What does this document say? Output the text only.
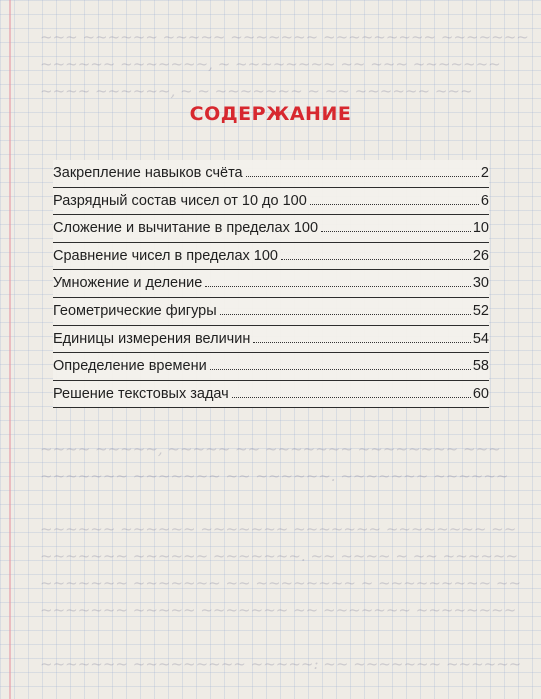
~~~ ~~~~~~ ~~~~~ ~~~~~~~ ~~~~~~~~~ ~~~~~~~
~~~~~~ ~~~~~~~, ~ ~~~~~~~~ ~~ ~~~ ~~~~~~~
~~~~ ~~~~~~, ~ ~ ~~~~~~~ ~ ~~ ~~~~~~ ~~~
~~~~ ~~~~~, ~~~~~ ~~ ~~~~~~~ ~~~~~~~~ ~~~
~~~~~~~ ~~~~~~~ ~~ ~~~~~~. ~~~~~~~ ~~~~~~
~~~~~~ ~~~~~~ ~~~~~~~ ~~~~~~~ ~~~~~~~~ ~~
~~~~~~~ ~~~~~~ ~~~~~~~. ~~ ~~~~ ~ ~~ ~~~~~~
~~~~~~~ ~~~~~~~ ~~ ~~~~~~~~ ~ ~~~~~~~~~ ~~
~~~~~~~ ~~~~~ ~~~~~~~ ~~ ~~~~~~~ ~~~~~~~~
~~~~~~~ ~~~~~~~~~ ~~~~~: ~~ ~~~~~~~ ~~~~~~
СОДЕРЖАНИЕ
Закрепление навыков счёта	2
Разрядный состав чисел от 10 до 100	6
Сложение и вычитание в пределах 100	10
Сравнение чисел в пределах 100	26
Умножение и деление	30
Геометрические фигуры	52
Единицы измерения величин	54
Определение времени	58
Решение текстовых задач	60
